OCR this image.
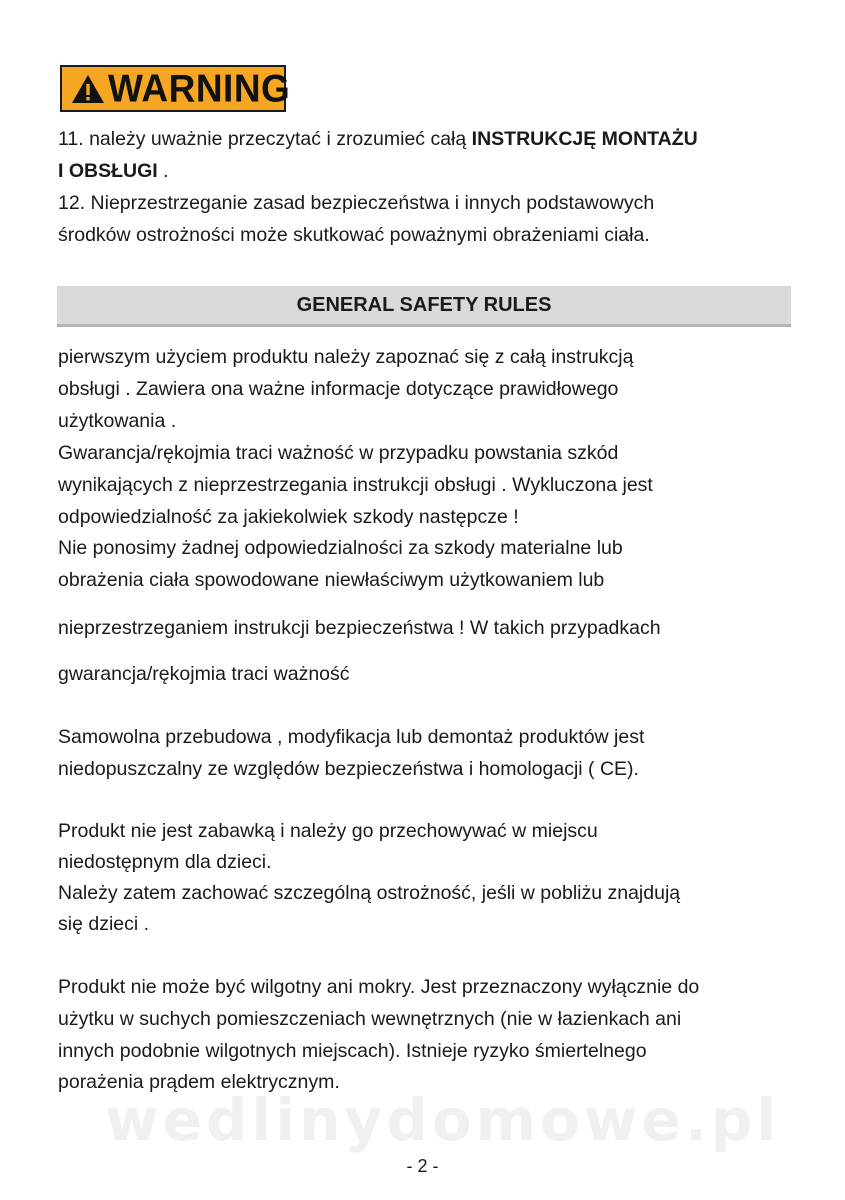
WARNING

11. należy uważnie przeczytać i zrozumieć całą INSTRUKCJĘ MONTAŻU

I OBSŁUGI .

12. Nieprzestrzeganie zasad bezpieczeństwa i innych podstawowych

środków ostrożności może skutkować poważnymi obrażeniami ciała.

GENERAL SAFETY RULES

pierwszym użyciem produktu należy zapoznać się z całą instrukcją

obsługi . Zawiera ona ważne informacje dotyczące prawidłowego

użytkowania .

Gwarancja/rękojmia traci ważność w przypadku powstania szkód

wynikających z nieprzestrzegania instrukcji obsługi . Wykluczona jest

odpowiedzialność za jakiekolwiek szkody następcze !

Nie ponosimy żadnej odpowiedzialności za szkody materialne lub

obrażenia ciała spowodowane niewłaściwym użytkowaniem lub

nieprzestrzeganiem instrukcji bezpieczeństwa ! W takich przypadkach

gwarancja/rękojmia traci ważność

Samowolna przebudowa , modyfikacja lub demontaż produktów jest

niedopuszczalny ze względów bezpieczeństwa i homologacji ( CE).

Produkt nie jest zabawką i należy go przechowywać w miejscu

niedostępnym dla dzieci.

Należy zatem zachować szczególną ostrożność, jeśli w pobliżu znajdują

się dzieci .

Produkt nie może być wilgotny ani mokry. Jest przeznaczony wyłącznie do

użytku w suchych pomieszczeniach wewnętrznych (nie w łazienkach ani

innych podobnie wilgotnych miejscach). Istnieje ryzyko śmiertelnego

porażenia prądem elektrycznym.

wedlinydomowe.pl
- 2 -
